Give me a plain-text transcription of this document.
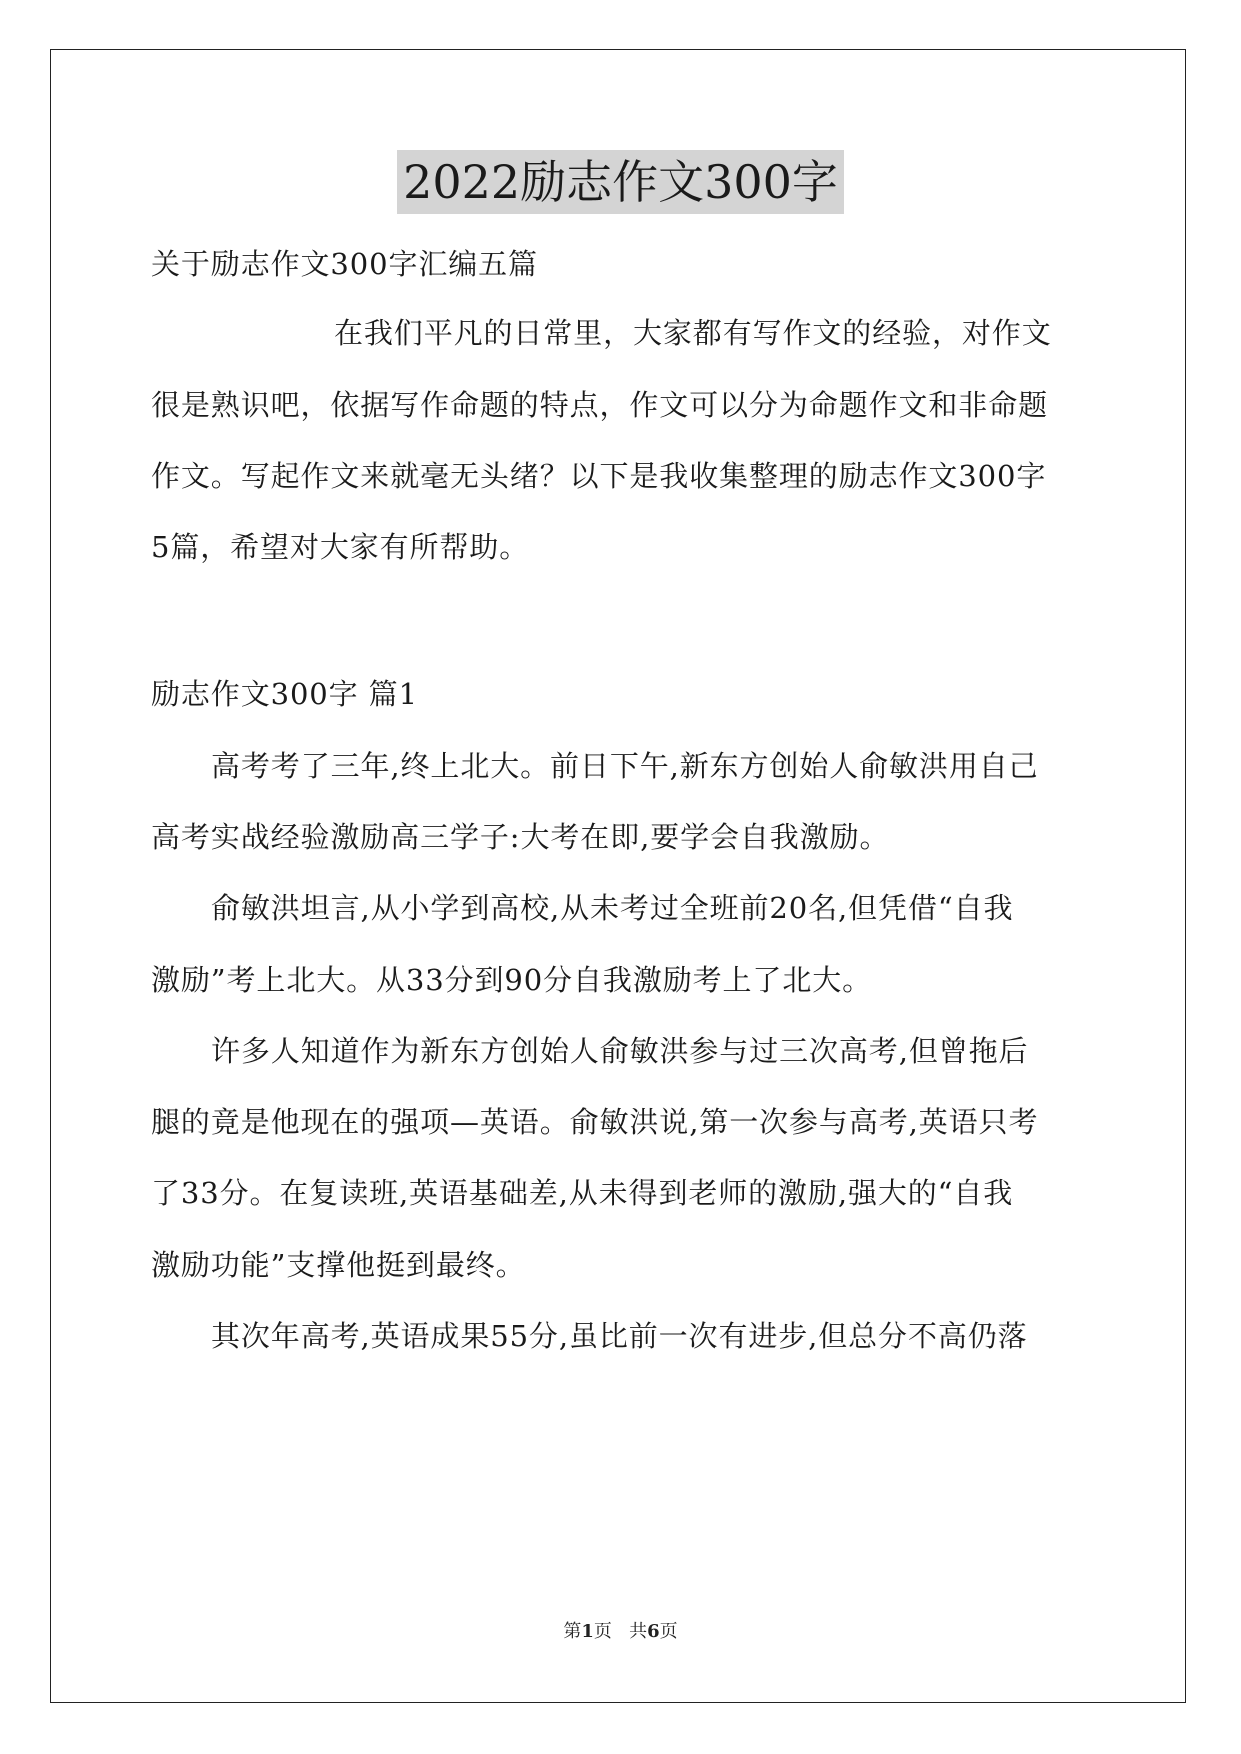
2022励志作文300字
关于励志作文300字汇编五篇
在我们平凡的日常里，大家都有写作文的经验，对作文
很是熟识吧，依据写作命题的特点，作文可以分为命题作文和非命题
作文。写起作文来就毫无头绪？以下是我收集整理的励志作文300字
5篇，希望对大家有所帮助。
励志作文300字 篇1
高考考了三年,终上北大。前日下午,新东方创始人俞敏洪用自己
高考实战经验激励高三学子:大考在即,要学会自我激励。
俞敏洪坦言,从小学到高校,从未考过全班前20名,但凭借“自我
激励”考上北大。从33分到90分自我激励考上了北大。
许多人知道作为新东方创始人俞敏洪参与过三次高考,但曾拖后
腿的竟是他现在的强项—英语。俞敏洪说,第一次参与高考,英语只考
了33分。在复读班,英语基础差,从未得到老师的激励,强大的“自我
激励功能”支撑他挺到最终。
其次年高考,英语成果55分,虽比前一次有进步,但总分不高仍落
第1页   共6页
